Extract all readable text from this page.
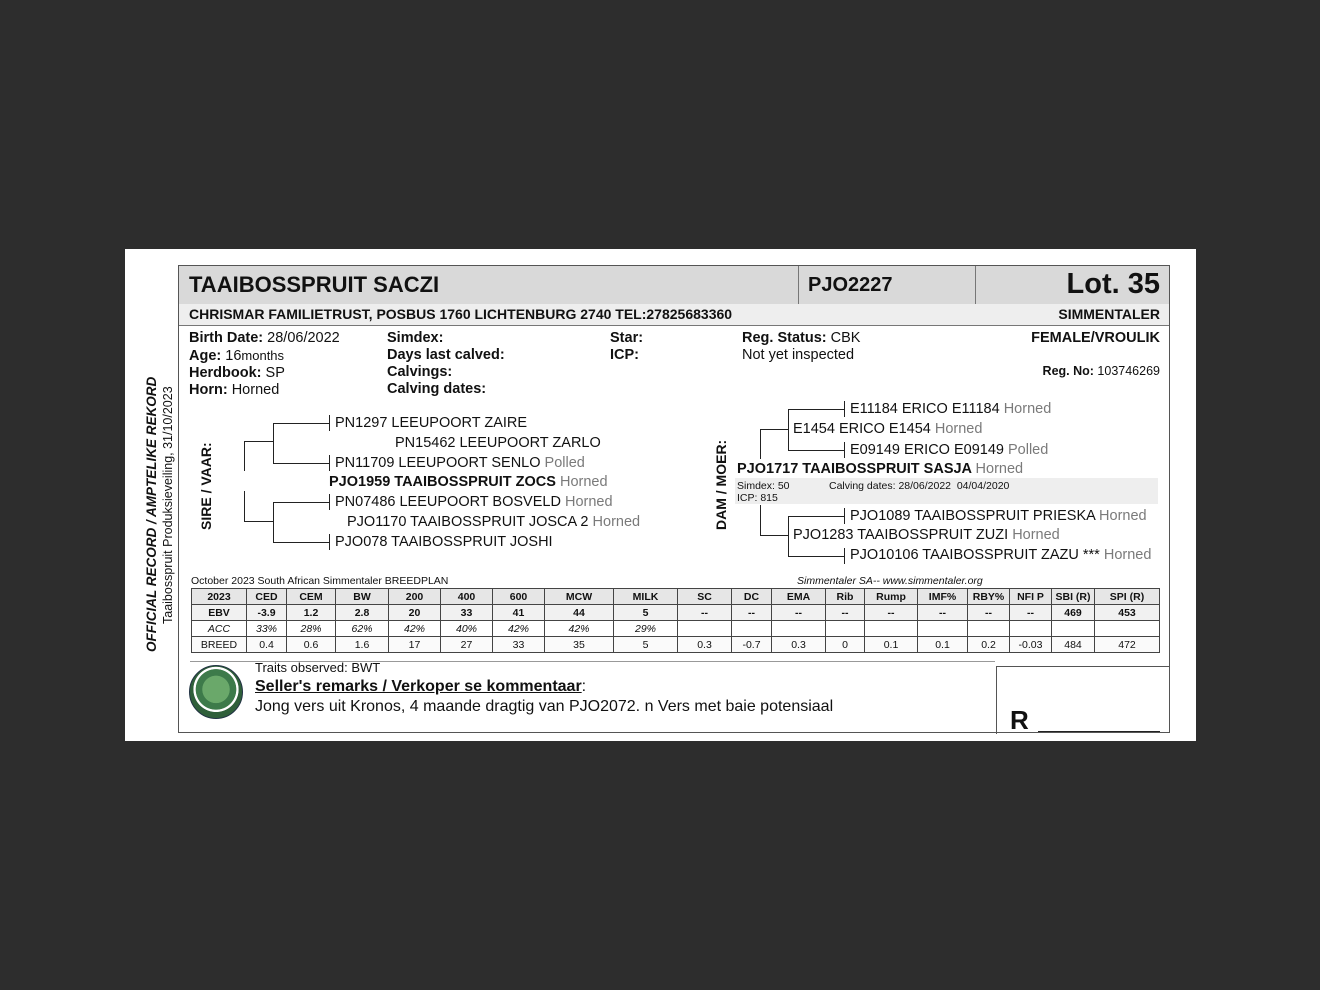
TAAIBOSSPRUIT SACZI	PJO2227	Lot. 35
CHRISMAR FAMILIETRUST, POSBUS 1760 LICHTENBURG 2740 TEL:27825683360	SIMMENTALER
OFFICIAL RECORD / AMPTELIKE REKORD Taaibosspruit Produksieveiling, 31/10/2023
Birth Date: 28/06/2022
Age: 16months
Herdbook: SP
Horn: Horned
Simdex:
Days last calved:
Calvings:
Calving dates:
Star:
ICP:
Reg. Status: CBK
Not yet inspected
FEMALE/VROULIK
Reg. No: 103746269
SIRE / VAAR:
PN1297 LEEUPOORT ZAIRE
PN15462 LEEUPOORT ZARLO
PN11709 LEEUPOORT SENLO Polled
PJO1959 TAAIBOSSPRUIT ZOCS Horned
PN07486 LEEUPOORT BOSVELD Horned
PJO1170 TAAIBOSSPRUIT JOSCA 2 Horned
PJO078 TAAIBOSSPRUIT JOSHI
DAM / MOER:
E11184 ERICO E11184 Horned
E1454 ERICO E1454 Horned
E09149 ERICO E09149 Polled
PJO1717 TAAIBOSSPRUIT SASJA Horned
Simdex: 50
ICP: 815
Calving dates: 28/06/2022  04/04/2020
PJO1089 TAAIBOSSPRUIT PRIESKA Horned
PJO1283 TAAIBOSSPRUIT ZUZI Horned
PJO10106 TAAIBOSSPRUIT ZAZU *** Horned
October 2023 South African Simmentaler BREEDPLAN	Simmentaler SA-- www.simmentaler.org
2023	CED	CEM	BW	200	400	600	MCW	MILK	SC	DC	EMA	Rib	Rump	IMF%	RBY%	NFI P	SBI (R)	SPI (R)
EBV	-3.9	1.2	2.8	20	33	41	44	5	--	--	--	--	--	--	--	--	469	453
ACC	33%	28%	62%	42%	40%	42%	42%	29%										
BREED	0.4	0.6	1.6	17	27	33	35	5	0.3	-0.7	0.3	0	0.1	0.1	0.2	-0.03	484	472
Traits observed: BWT
Seller's remarks / Verkoper se kommentaar:
Jong vers uit Kronos, 4 maande dragtig van PJO2072. n Vers met baie potensiaal	R
